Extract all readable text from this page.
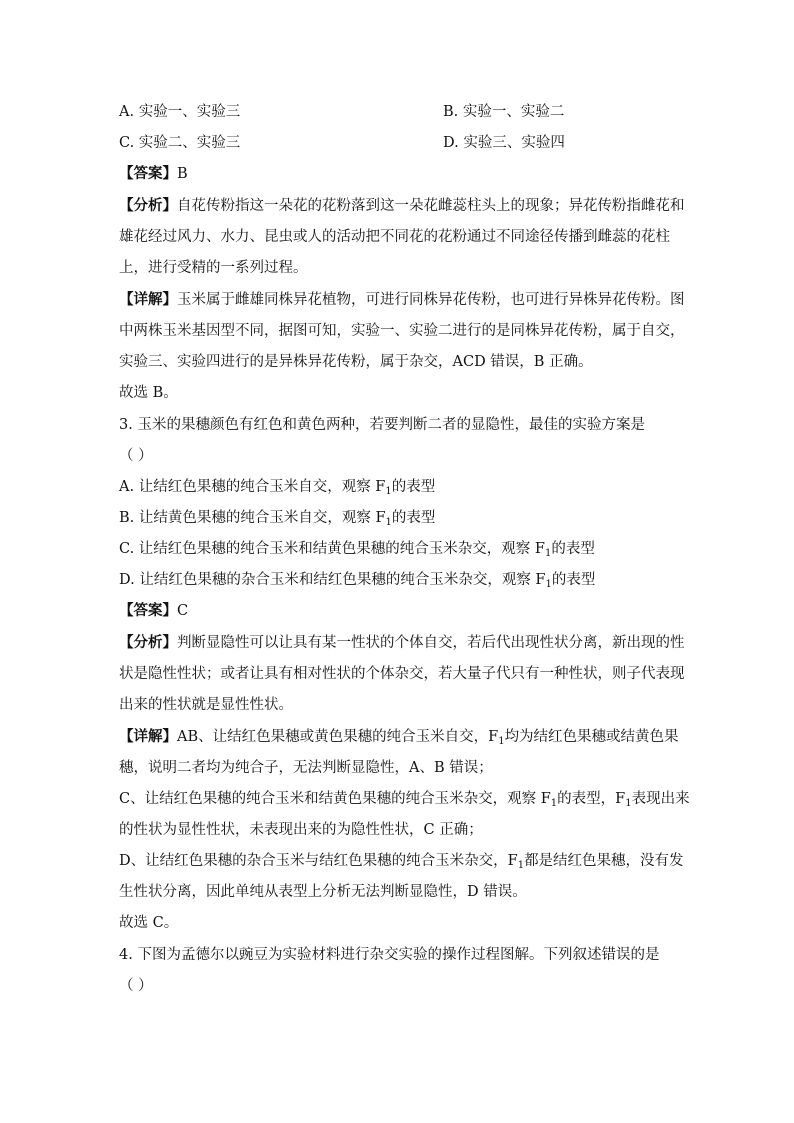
A. 实验一、实验三	B. 实验一、实验二
C. 实验二、实验三	D. 实验三、实验四
【答案】B
【分析】自花传粉指这一朵花的花粉落到这一朵花雌蕊柱头上的现象；异花传粉指雌花和
雄花经过风力、水力、昆虫或人的活动把不同花的花粉通过不同途径传播到雌蕊的花柱
上，进行受精的一系列过程。
【详解】玉米属于雌雄同株异花植物，可进行同株异花传粉，也可进行异株异花传粉。图
中两株玉米基因型不同，据图可知，实验一、实验二进行的是同株异花传粉，属于自交，
实验三、实验四进行的是异株异花传粉，属于杂交，ACD 错误，B 正确。
故选 B。
3. 玉米的果穗颜色有红色和黄色两种，若要判断二者的显隐性，最佳的实验方案是
（ ）
A. 让结红色果穗的纯合玉米自交，观察 $F_1$的表型
B. 让结黄色果穗的纯合玉米自交，观察 $F_1$的表型
C. 让结红色果穗的纯合玉米和结黄色果穗的纯合玉米杂交，观察 $F_1$的表型
D. 让结红色果穗的杂合玉米和结红色果穗的纯合玉米杂交，观察 $F_1$的表型
【答案】C
【分析】判断显隐性可以让具有某一性状的个体自交，若后代出现性状分离，新出现的性
状是隐性性状；或者让具有相对性状的个体杂交，若大量子代只有一种性状，则子代表现
出来的性状就是显性性状。
【详解】AB、让结红色果穗或黄色果穗的纯合玉米自交，$F_1$均为结红色果穗或结黄色果
穗，说明二者均为纯合子，无法判断显隐性，A、B 错误；
C、让结红色果穗的纯合玉米和结黄色果穗的纯合玉米杂交，观察 $F_1$的表型，$F_1$表现出来
的性状为显性性状，未表现出来的为隐性性状，C 正确；
D、让结红色果穗的杂合玉米与结红色果穗的纯合玉米杂交，$F_1$都是结红色果穗，没有发
生性状分离，因此单纯从表型上分析无法判断显隐性，D 错误。
故选 C。
4. 下图为孟德尔以豌豆为实验材料进行杂交实验的操作过程图解。下列叙述错误的是
（ ）
